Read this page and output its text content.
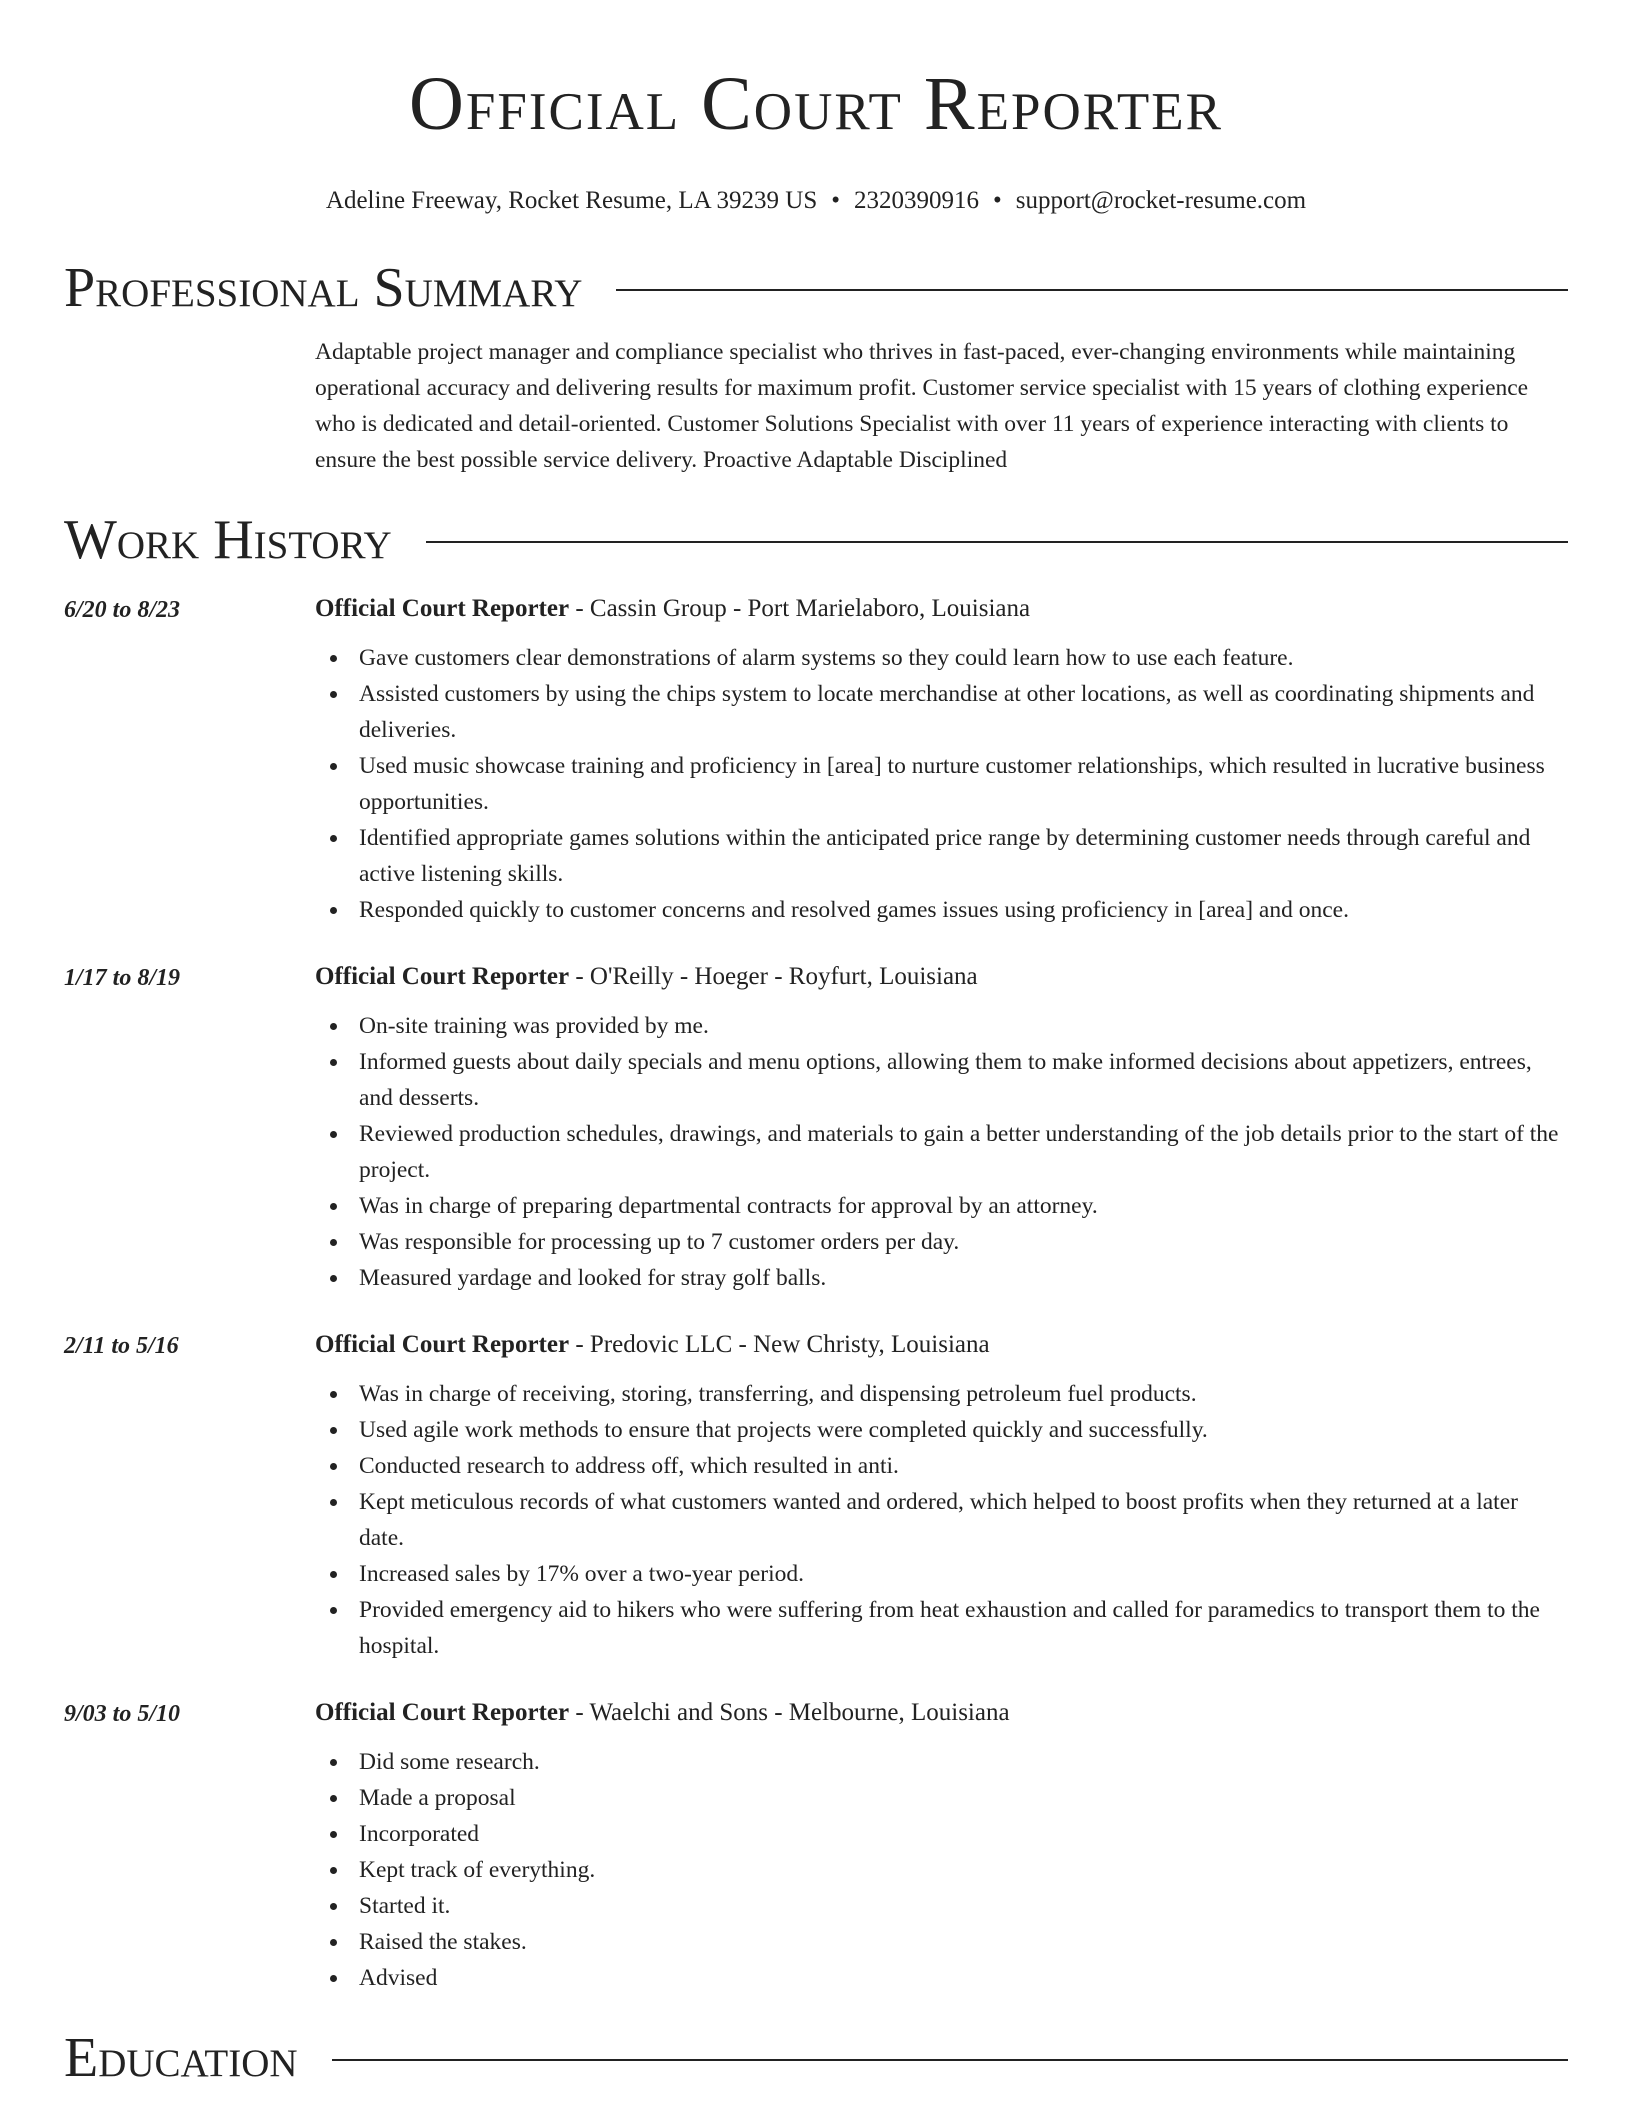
Official Court Reporter
Adeline Freeway, Rocket Resume, LA 39239 US • 2320390916 • support@rocket-resume.com
Professional Summary
Adaptable project manager and compliance specialist who thrives in fast-paced, ever-changing environments while maintaining operational accuracy and delivering results for maximum profit. Customer service specialist with 15 years of clothing experience who is dedicated and detail-oriented. Customer Solutions Specialist with over 11 years of experience interacting with clients to ensure the best possible service delivery. Proactive Adaptable Disciplined
Work History
6/20 to 8/23	Official Court Reporter - Cassin Group - Port Marielaboro, Louisiana
Gave customers clear demonstrations of alarm systems so they could learn how to use each feature.
Assisted customers by using the chips system to locate merchandise at other locations, as well as coordinating shipments and deliveries.
Used music showcase training and proficiency in [area] to nurture customer relationships, which resulted in lucrative business opportunities.
Identified appropriate games solutions within the anticipated price range by determining customer needs through careful and active listening skills.
Responded quickly to customer concerns and resolved games issues using proficiency in [area] and once.
1/17 to 8/19	Official Court Reporter - O'Reilly - Hoeger - Royfurt, Louisiana
On-site training was provided by me.
Informed guests about daily specials and menu options, allowing them to make informed decisions about appetizers, entrees, and desserts.
Reviewed production schedules, drawings, and materials to gain a better understanding of the job details prior to the start of the project.
Was in charge of preparing departmental contracts for approval by an attorney.
Was responsible for processing up to 7 customer orders per day.
Measured yardage and looked for stray golf balls.
2/11 to 5/16	Official Court Reporter - Predovic LLC - New Christy, Louisiana
Was in charge of receiving, storing, transferring, and dispensing petroleum fuel products.
Used agile work methods to ensure that projects were completed quickly and successfully.
Conducted research to address off, which resulted in anti.
Kept meticulous records of what customers wanted and ordered, which helped to boost profits when they returned at a later date.
Increased sales by 17% over a two-year period.
Provided emergency aid to hikers who were suffering from heat exhaustion and called for paramedics to transport them to the hospital.
9/03 to 5/10	Official Court Reporter - Waelchi and Sons - Melbourne, Louisiana
Did some research.
Made a proposal
Incorporated
Kept track of everything.
Started it.
Raised the stakes.
Advised
Education
